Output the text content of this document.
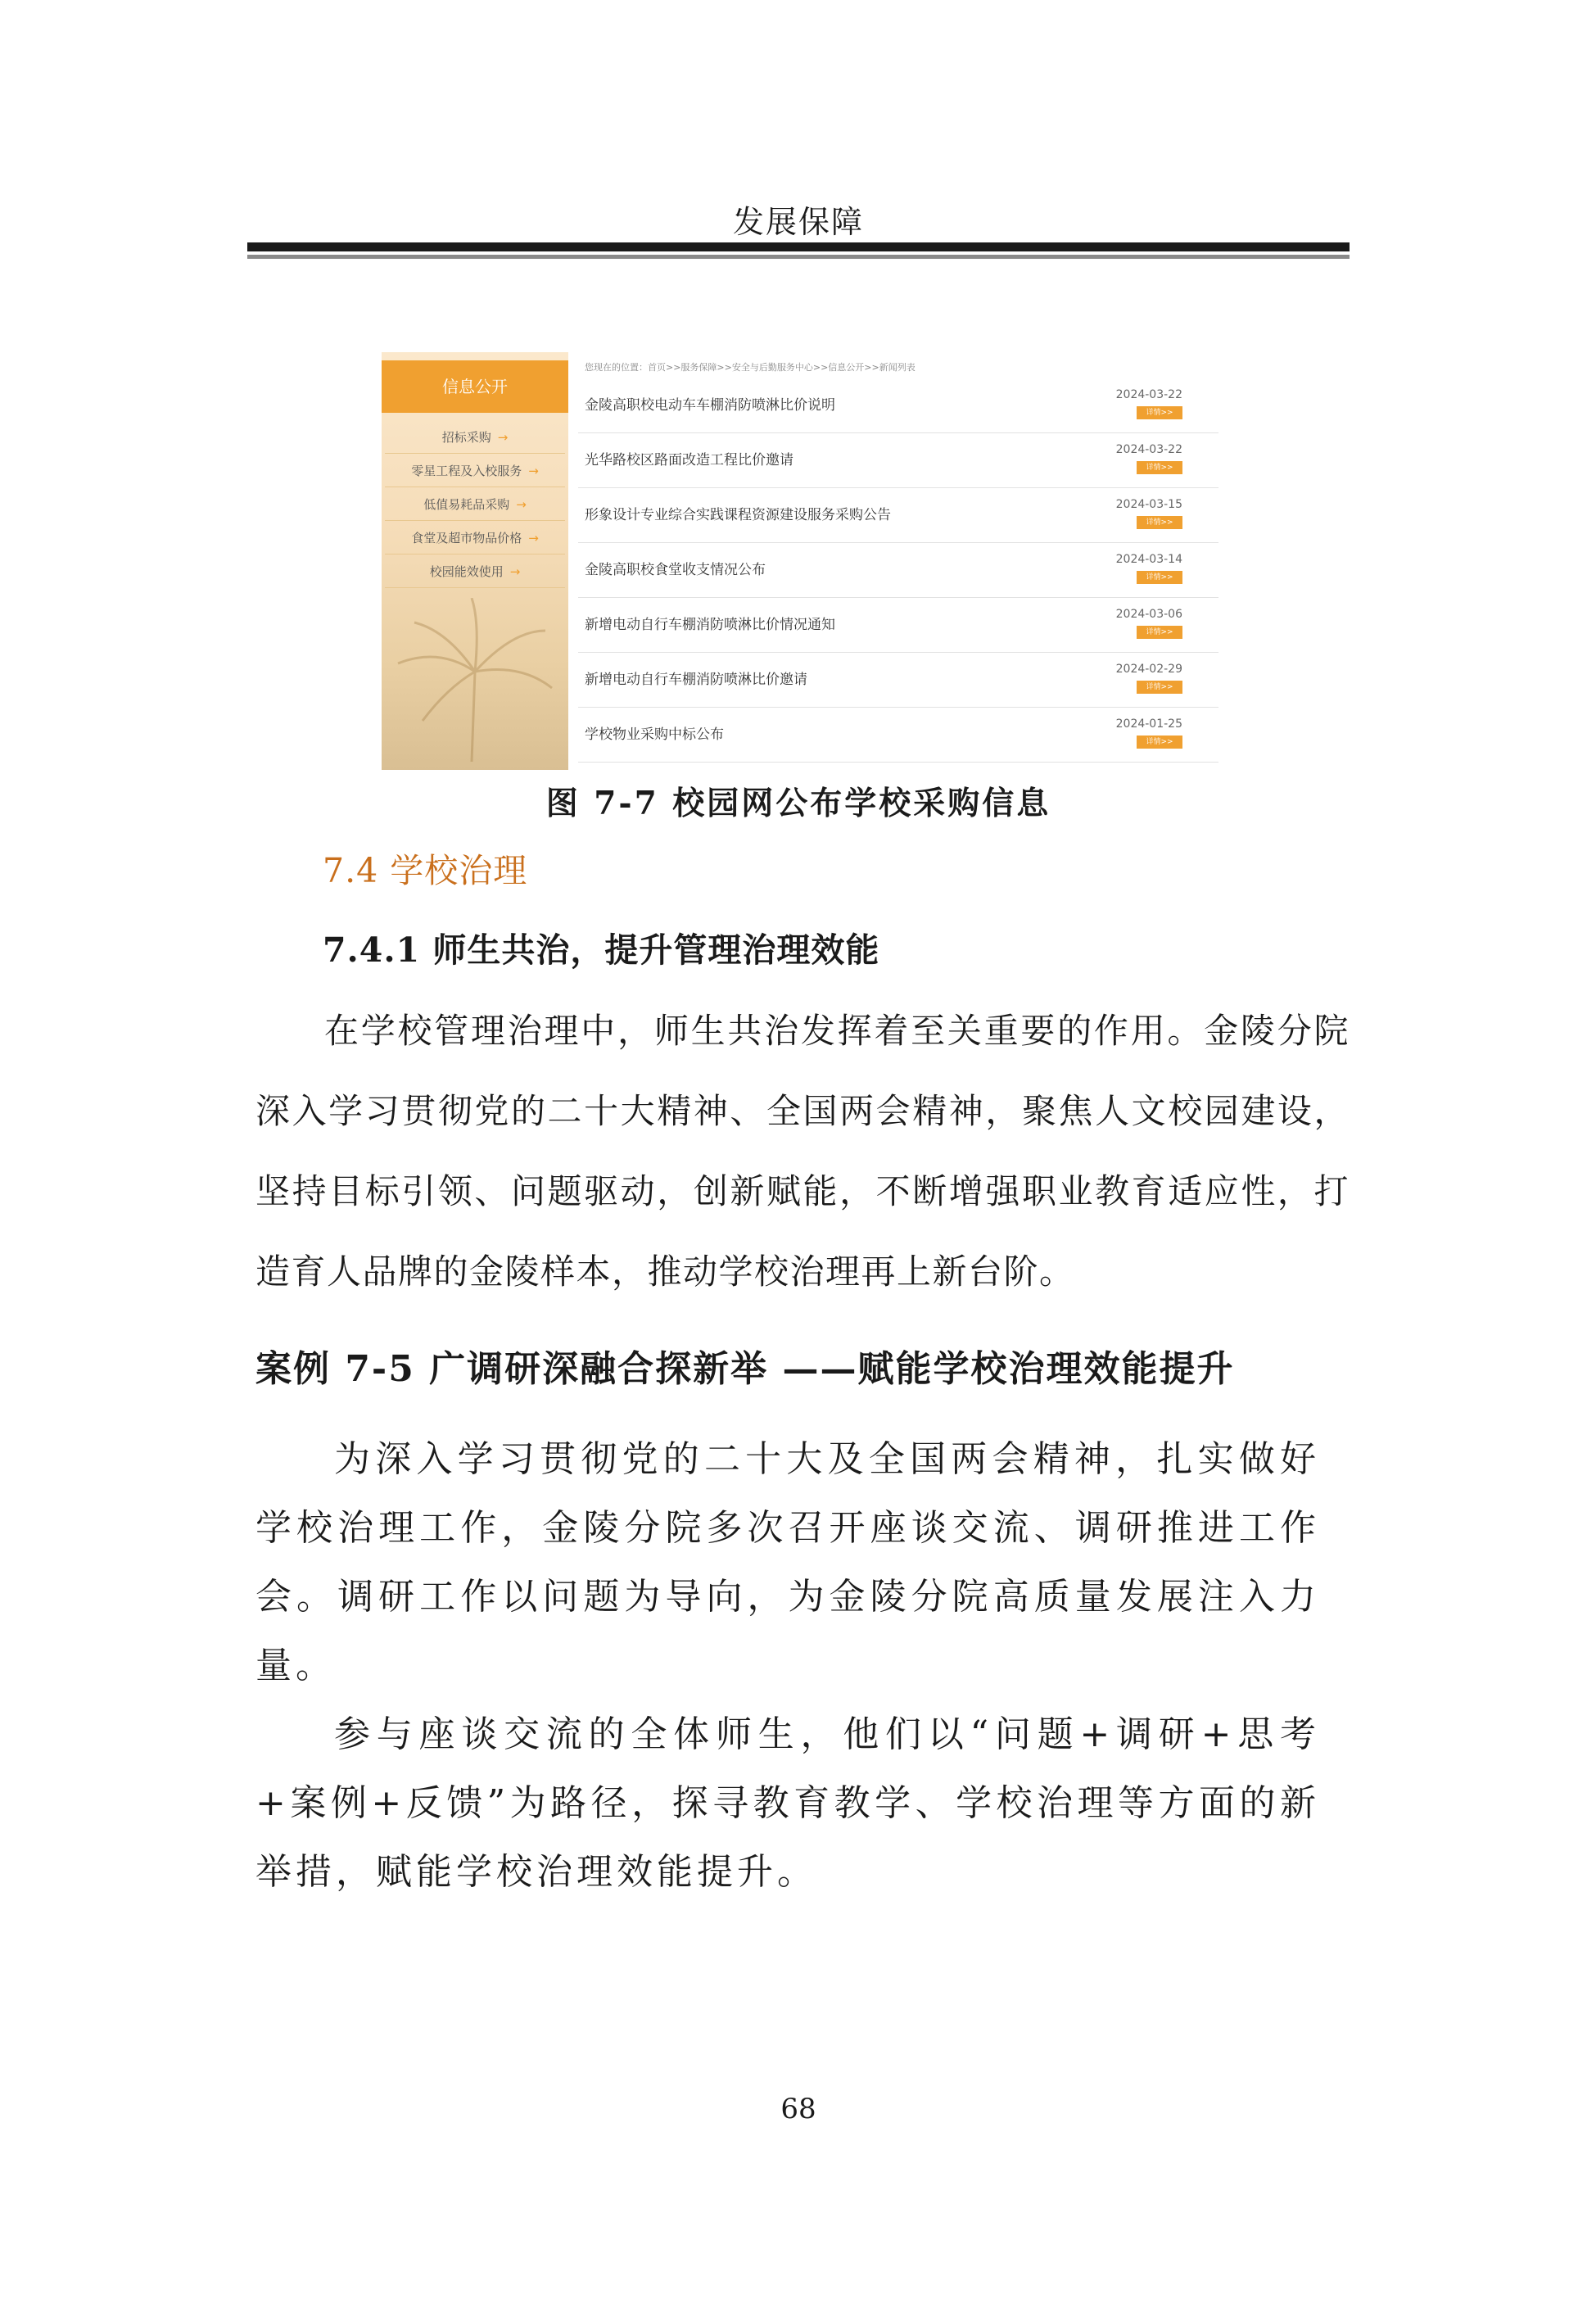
发展保障
信息公开
招标采购 →
零星工程及入校服务 →
低值易耗品采购 →
食堂及超市物品价格 →
校园能效使用 →
您现在的位置：首页>>服务保障>>安全与后勤服务中心>>信息公开>>新闻列表
金陵高职校电动车车棚消防喷淋比价说明
2024-03-22
详情>>
光华路校区路面改造工程比价邀请
2024-03-22
详情>>
形象设计专业综合实践课程资源建设服务采购公告
2024-03-15
详情>>
金陵高职校食堂收支情况公布
2024-03-14
详情>>
新增电动自行车棚消防喷淋比价情况通知
2024-03-06
详情>>
新增电动自行车棚消防喷淋比价邀请
2024-02-29
详情>>
学校物业采购中标公布
2024-01-25
详情>>
图 7-7 校园网公布学校采购信息
7.4 学校治理
7.4.1 师生共治，提升管理治理效能

在学校管理治理中，师生共治发挥着至关重要的作用。金陵分院深入学习贯彻党的二十大精神、全国两会精神，聚焦人文校园建设，坚持目标引领、问题驱动，创新赋能，不断增强职业教育适应性，打造育人品牌的金陵样本，推动学校治理再上新台阶。

案例 7-5 广调研深融合探新举 ——赋能学校治理效能提升

为深入学习贯彻党的二十大及全国两会精神，扎实做好学校治理工作，金陵分院多次召开座谈交流、调研推进工作会。调研工作以问题为导向，为金陵分院高质量发展注入力量。

参与座谈交流的全体师生，他们以“问题+调研+思考+案例+反馈”为路径，探寻教育教学、学校治理等方面的新举措，赋能学校治理效能提升。

68
